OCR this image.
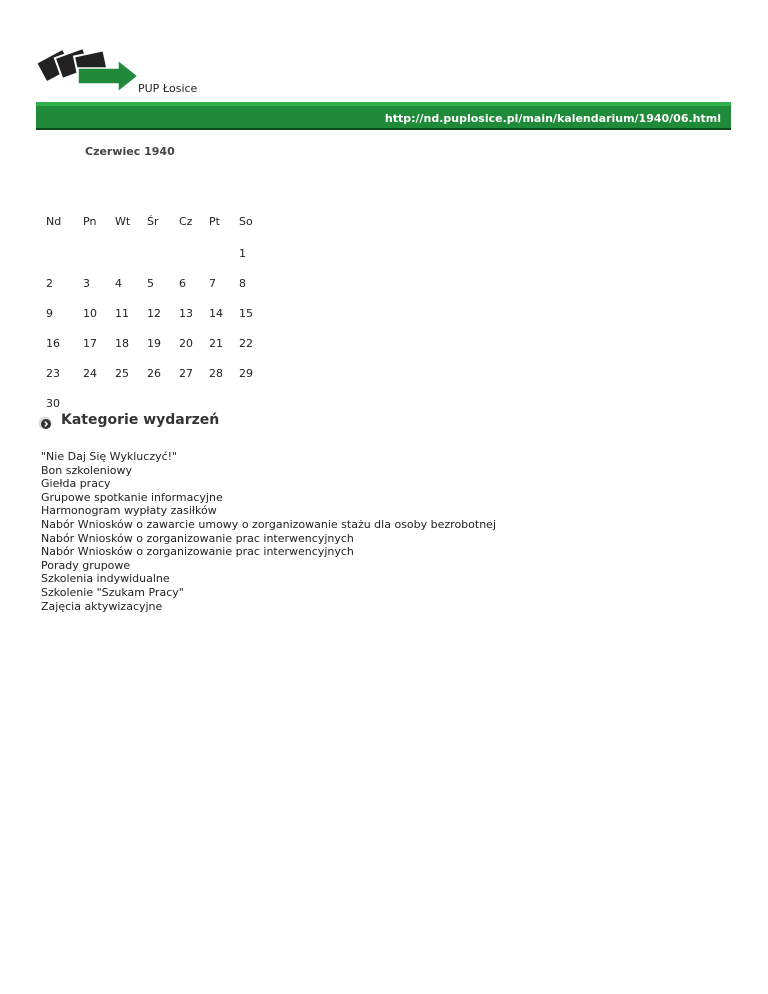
PUP Łosice
http://nd.puplosice.pl/main/kalendarium/1940/06.html
Czerwiec 1940
Nd	Pn	Wt	Śr	Cz	Pt	So
						1
2	3	4	5	6	7	8
9	10	11	12	13	14	15
16	17	18	19	20	21	22
23	24	25	26	27	28	29
30						
Kategorie wydarzeń
"Nie Daj Się Wykluczyć!"
Bon szkoleniowy
Giełda pracy
Grupowe spotkanie informacyjne
Harmonogram wypłaty zasiłków
Nabór Wniosków o zawarcie umowy o zorganizowanie stażu dla osoby bezrobotnej
Nabór Wniosków o zorganizowanie prac interwencyjnych
Nabór Wniosków o zorganizowanie prac interwencyjnych
Porady grupowe
Szkolenia indywidualne
Szkolenie "Szukam Pracy"
Zajęcia aktywizacyjne
